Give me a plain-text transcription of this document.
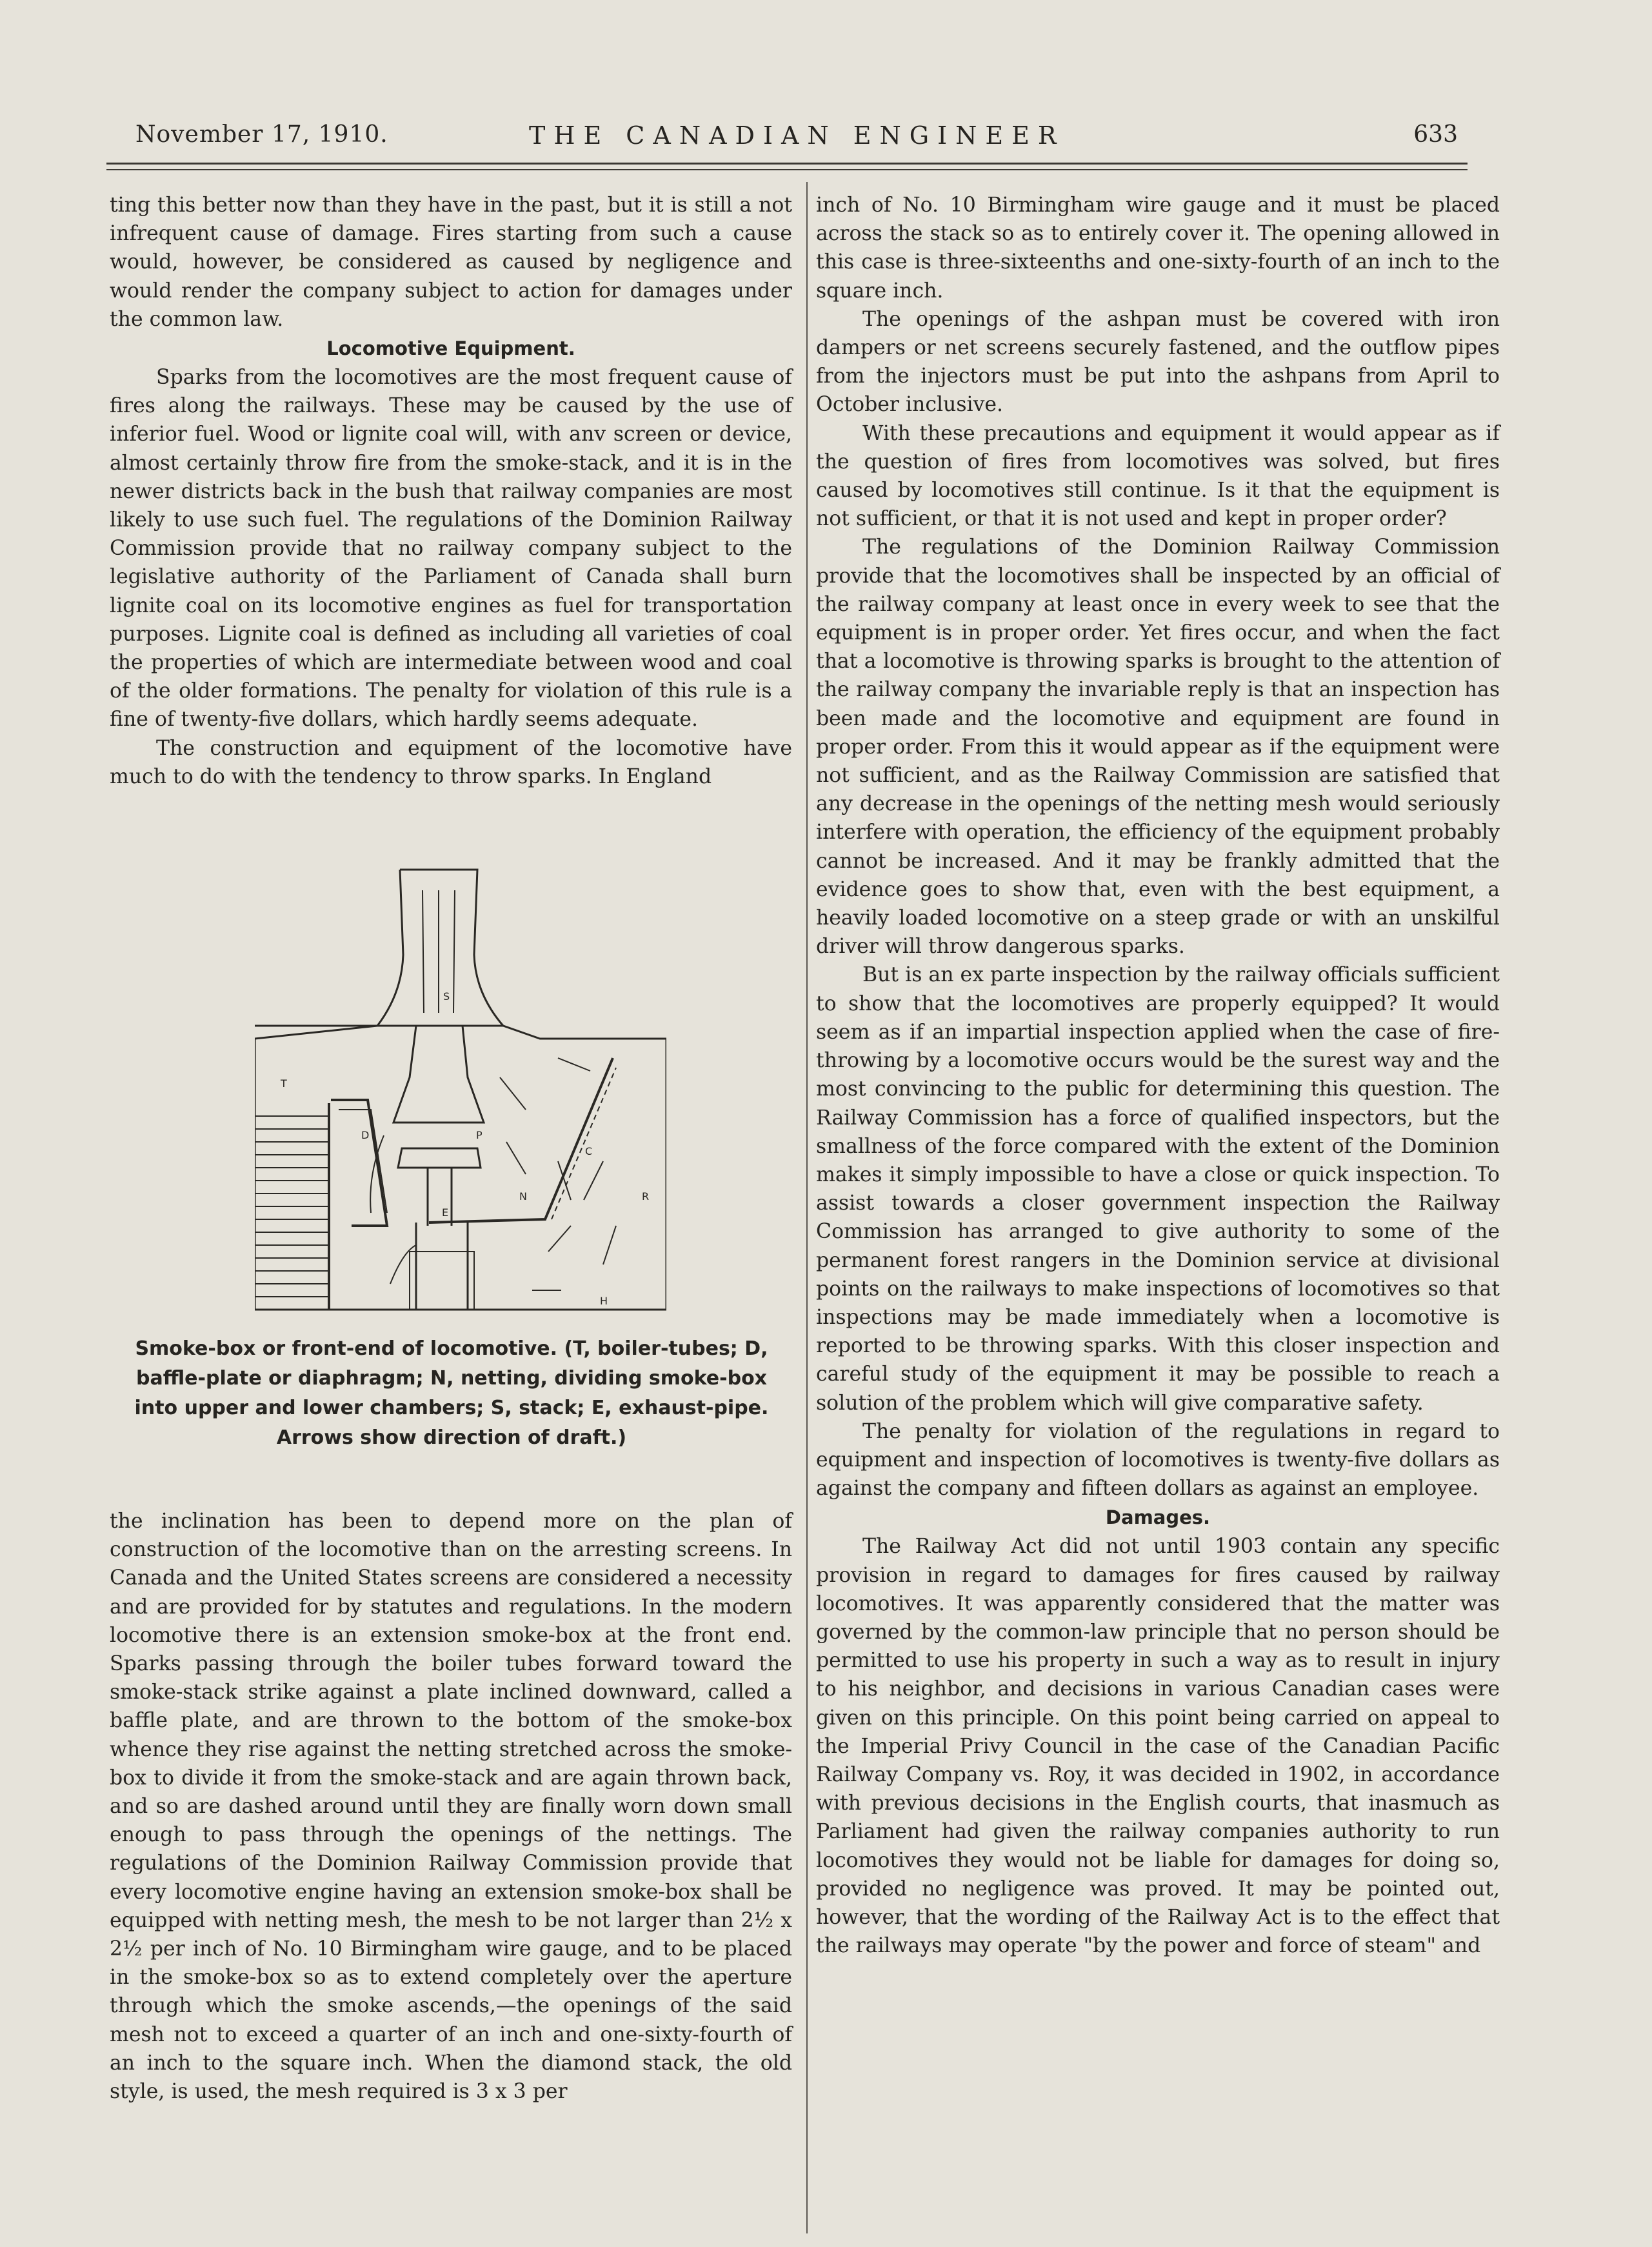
November 17, 1910.	THE CANADIAN ENGINEER	633

ting this better now than they have in the past, but it is still a not infrequent cause of damage. Fires starting from such a cause would, however, be considered as caused by negligence and would render the company subject to action for damages under the common law.

Locomotive Equipment.

Sparks from the locomotives are the most frequent cause of fires along the railways. These may be caused by the use of inferior fuel. Wood or lignite coal will, with anv screen or device, almost certainly throw fire from the smoke-stack, and it is in the newer districts back in the bush that railway companies are most likely to use such fuel. The regulations of the Dominion Railway Commission provide that no railway company subject to the legislative authority of the Parliament of Canada shall burn lignite coal on its locomotive engines as fuel for transportation purposes. Lignite coal is defined as including all varieties of coal the properties of which are intermediate between wood and coal of the older formations. The penalty for violation of this rule is a fine of twenty-five dollars, which hardly seems adequate.

The construction and equipment of the locomotive have much to do with the tendency to throw sparks. In England

T
D
S
P
C
N	R
E
H
Smoke-box or front-end of locomotive. (T, boiler-tubes; D, baffle-plate or diaphragm; N, netting, dividing smoke-box into upper and lower chambers; S, stack; E, exhaust-pipe. Arrows show direction of draft.)

the inclination has been to depend more on the plan of construction of the locomotive than on the arresting screens. In Canada and the United States screens are considered a necessity and are provided for by statutes and regulations. In the modern locomotive there is an extension smoke-box at the front end. Sparks passing through the boiler tubes forward toward the smoke-stack strike against a plate inclined downward, called a baffle plate, and are thrown to the bottom of the smoke-box whence they rise against the netting stretched across the smoke-box to divide it from the smoke-stack and are again thrown back, and so are dashed around until they are finally worn down small enough to pass through the openings of the nettings. The regulations of the Dominion Railway Commission provide that every locomotive engine having an extension smoke-box shall be equipped with netting mesh, the mesh to be not larger than 2½ x 2½ per inch of No. 10 Birmingham wire gauge, and to be placed in the smoke-box so as to extend completely over the aperture through which the smoke ascends,—the openings of the said mesh not to exceed a quarter of an inch and one-sixty-fourth of an inch to the square inch. When the diamond stack, the old style, is used, the mesh required is 3 x 3 per

inch of No. 10 Birmingham wire gauge and it must be placed across the stack so as to entirely cover it. The opening allowed in this case is three-sixteenths and one-sixty-fourth of an inch to the square inch.

The openings of the ashpan must be covered with iron dampers or net screens securely fastened, and the outflow pipes from the injectors must be put into the ashpans from April to October inclusive.

With these precautions and equipment it would appear as if the question of fires from locomotives was solved, but fires caused by locomotives still continue. Is it that the equipment is not sufficient, or that it is not used and kept in proper order?

The regulations of the Dominion Railway Commission provide that the locomotives shall be inspected by an official of the railway company at least once in every week to see that the equipment is in proper order. Yet fires occur, and when the fact that a locomotive is throwing sparks is brought to the attention of the railway company the invariable reply is that an inspection has been made and the locomotive and equipment are found in proper order. From this it would appear as if the equipment were not sufficient, and as the Railway Commission are satisfied that any decrease in the openings of the netting mesh would seriously interfere with operation, the efficiency of the equipment probably cannot be increased. And it may be frankly admitted that the evidence goes to show that, even with the best equipment, a heavily loaded locomotive on a steep grade or with an unskilful driver will throw dangerous sparks.

But is an ex parte inspection by the railway officials sufficient to show that the locomotives are properly equipped? It would seem as if an impartial inspection applied when the case of fire-throwing by a locomotive occurs would be the surest way and the most convincing to the public for determining this question. The Railway Commission has a force of qualified inspectors, but the smallness of the force compared with the extent of the Dominion makes it simply impossible to have a close or quick inspection. To assist towards a closer government inspection the Railway Commission has arranged to give authority to some of the permanent forest rangers in the Dominion service at divisional points on the railways to make inspections of locomotives so that inspections may be made immediately when a locomotive is reported to be throwing sparks. With this closer inspection and careful study of the equipment it may be possible to reach a solution of the problem which will give comparative safety.

The penalty for violation of the regulations in regard to equipment and inspection of locomotives is twenty-five dollars as against the company and fifteen dollars as against an employee.

Damages.

The Railway Act did not until 1903 contain any specific provision in regard to damages for fires caused by railway locomotives. It was apparently considered that the matter was governed by the common-law principle that no person should be permitted to use his property in such a way as to result in injury to his neighbor, and decisions in various Canadian cases were given on this principle. On this point being carried on appeal to the Imperial Privy Council in the case of the Canadian Pacific Railway Company vs. Roy, it was decided in 1902, in accordance with previous decisions in the English courts, that inasmuch as Parliament had given the railway companies authority to run locomotives they would not be liable for damages for doing so, provided no negligence was proved. It may be pointed out, however, that the wording of the Railway Act is to the effect that the railways may operate "by the power and force of steam" and
